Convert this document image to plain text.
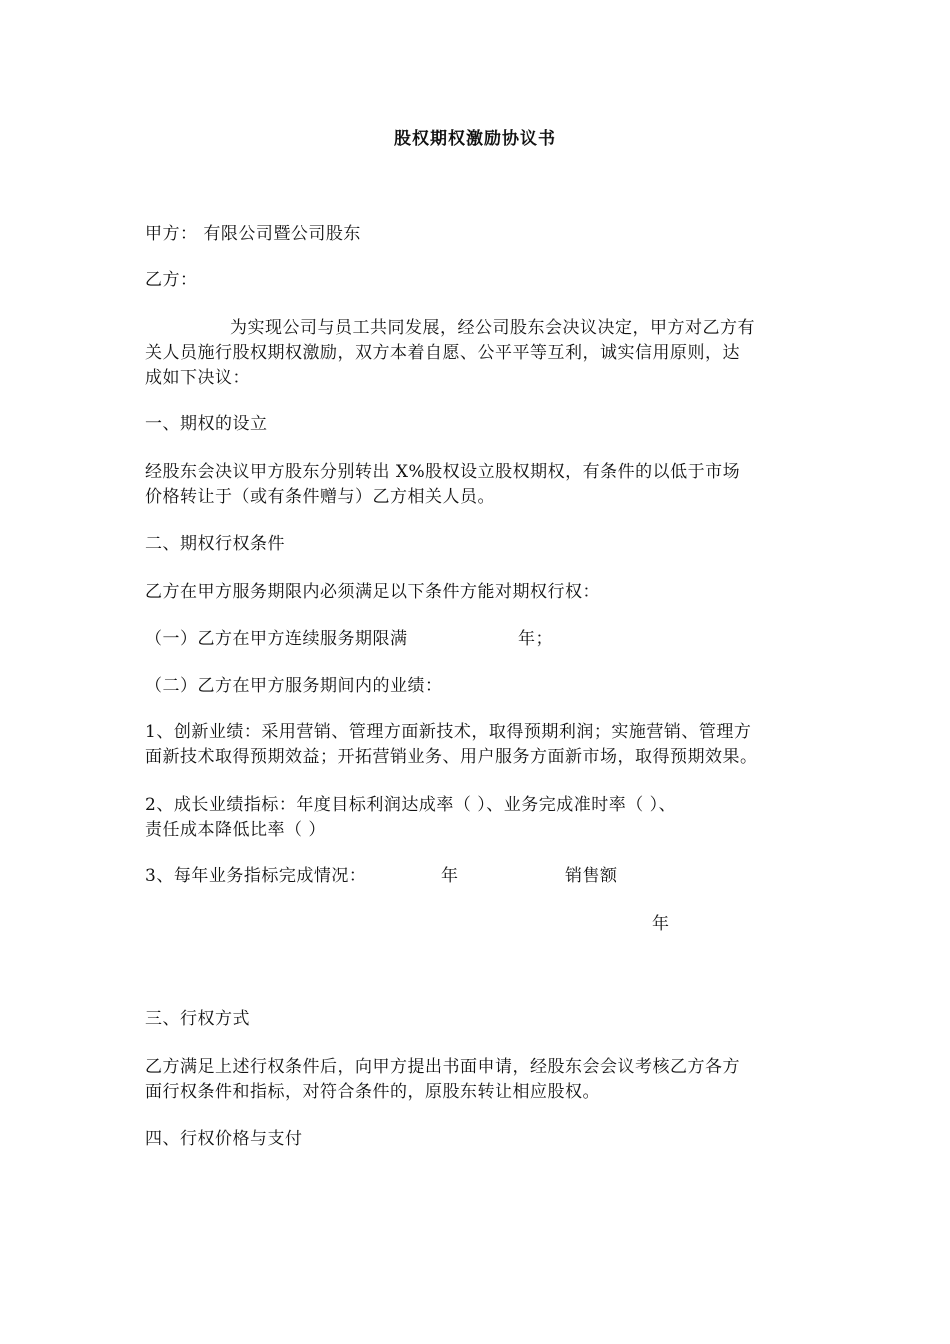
股权期权激励协议书
甲方： 有限公司暨公司股东
乙方：
为实现公司与员工共同发展，经公司股东会决议决定，甲方对乙方有
关人员施行股权期权激励，双方本着自愿、公平平等互利，诚实信用原则，达
成如下决议：
一、期权的设立
经股东会决议甲方股东分别转出 X%股权设立股权期权，有条件的以低于市场
价格转让于（或有条件赠与）乙方相关人员。
二、期权行权条件
乙方在甲方服务期限内必须满足以下条件方能对期权行权：
（一）乙方在甲方连续服务期限满	年；
（二）乙方在甲方服务期间内的业绩：
1、创新业绩：采用营销、管理方面新技术，取得预期利润；实施营销、管理方
面新技术取得预期效益；开拓营销业务、用户服务方面新市场，取得预期效果。
2、成长业绩指标：年度目标利润达成率（ ）、业务完成准时率（ ）、
责任成本降低比率（ ）
3、每年业务指标完成情况：	年	销售额
年
三、行权方式
乙方满足上述行权条件后，向甲方提出书面申请，经股东会会议考核乙方各方
面行权条件和指标，对符合条件的，原股东转让相应股权。
四、行权价格与支付
